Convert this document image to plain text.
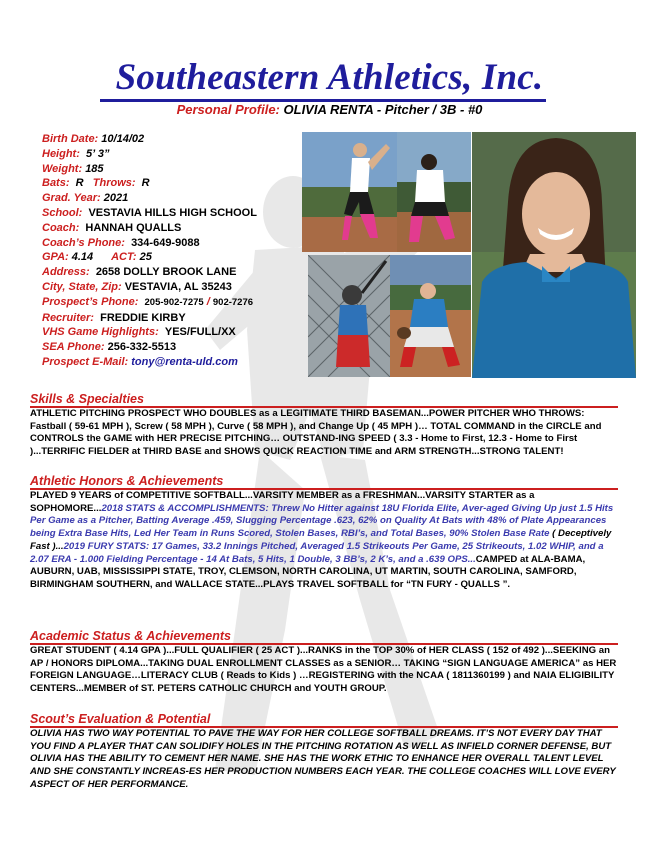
Southeastern Athletics, Inc.
Personal Profile: OLIVIA RENTA - Pitcher / 3B - #0
Birth Date: 10/14/02
Height: 5’ 3”
Weight: 185
Bats: R Throws: R
Grad. Year: 2021
School: VESTAVIA HILLS HIGH SCHOOL
Coach: HANNAH QUALLS
Coach’s Phone: 334-649-9088
GPA: 4.14 ACT: 25
Address: 2658 DOLLY BROOK LANE
City, State, Zip: VESTAVIA, AL 35243
Prospect’s Phone: 205-902-7275 / 902-7276
Recruiter: FREDDIE KIRBY
VHS Game Highlights: YES/FULL/XX
SEA Phone: 256-332-5513
Prospect E-Mail: tony@renta-uld.com
Skills & Specialties
ATHLETIC PITCHING PROSPECT WHO DOUBLES as a LEGITIMATE THIRD BASEMAN...POWER PITCHER WHO THROWS: Fastball ( 59-61 MPH ), Screw ( 58 MPH ), Curve ( 58 MPH ), and Change Up ( 45 MPH )… TOTAL COMMAND in the CIRCLE and CONTROLS the GAME with HER PRECISE PITCHING… OUTSTAND-ING SPEED ( 3.3 - Home to First, 12.3 - Home to First )...TERRIFIC FIELDER at THIRD BASE and SHOWS QUICK REACTION TIME and ARM STRENGTH...STRONG TALENT!
Athletic Honors & Achievements
PLAYED 9 YEARS of COMPETITIVE SOFTBALL...VARSITY MEMBER as a FRESHMAN...VARSITY STARTER as a SOPHOMORE...2018 STATS & ACCOMPLISHMENTS: Threw No Hitter against 18U Florida Elite, Aver-aged Giving Up just 1.5 Hits Per Game as a Pitcher, Batting Average .459, Slugging Percentage .623, 62% on Quality At Bats with 48% of Plate Appearances being Extra Base Hits, Led Her Team in Runs Scored, Stolen Bases, RBI’s, and Total Bases, 90% Stolen Base Rate ( Deceptively Fast )...2019 FURY STATS: 17 Games, 33.2 Innings Pitched, Averaged 1.5 Strikeouts Per Game, 25 Strikeouts, 1.02 WHIP, and a 2.07 ERA - 1.000 Fielding Percentage - 14 At Bats, 5 Hits, 1 Double, 3 BB’s, 2 K’s, and a .639 OPS...CAMPED at ALA-BAMA, AUBURN, UAB, MISSISSIPPI STATE, TROY, CLEMSON, NORTH CAROLINA, UT MARTIN, SOUTH CAROLINA, SAMFORD, BIRMINGHAM SOUTHERN, and WALLACE STATE...PLAYS TRAVEL SOFTBALL for “TN FURY - QUALLS ”.
Academic Status & Achievements
GREAT STUDENT ( 4.14 GPA )...FULL QUALIFIER ( 25 ACT )...RANKS in the TOP 30% of HER CLASS ( 152 of 492 )...SEEKING an AP / HONORS DIPLOMA...TAKING DUAL ENROLLMENT CLASSES as a SENIOR… TAKING “SIGN LANGUAGE AMERICA” as HER FOREIGN LANGUAGE…LITERACY CLUB ( Reads to Kids ) …REGISTERING with the NCAA ( 1811360199 ) and NAIA ELIGIBILITY CENTERS...MEMBER of ST. PETERS CATHOLIC CHURCH and YOUTH GROUP.
Scout’s Evaluation & Potential
OLIVIA HAS TWO WAY POTENTIAL TO PAVE THE WAY FOR HER COLLEGE SOFTBALL DREAMS. IT’S NOT EVERY DAY THAT YOU FIND A PLAYER THAT CAN SOLIDIFY HOLES IN THE PITCHING ROTATION AS WELL AS INFIELD CORNER DEFENSE, BUT OLIVIA HAS THE ABILITY TO CEMENT HER NAME. SHE HAS THE WORK ETHIC TO ENHANCE HER OVERALL TALENT LEVEL AND SHE CONSTANTLY INCREAS-ES HER PRODUCTION NUMBERS EACH YEAR. THE COLLEGE COACHES WILL LOVE EVERY ASPECT OF HER PERFORMANCE.
